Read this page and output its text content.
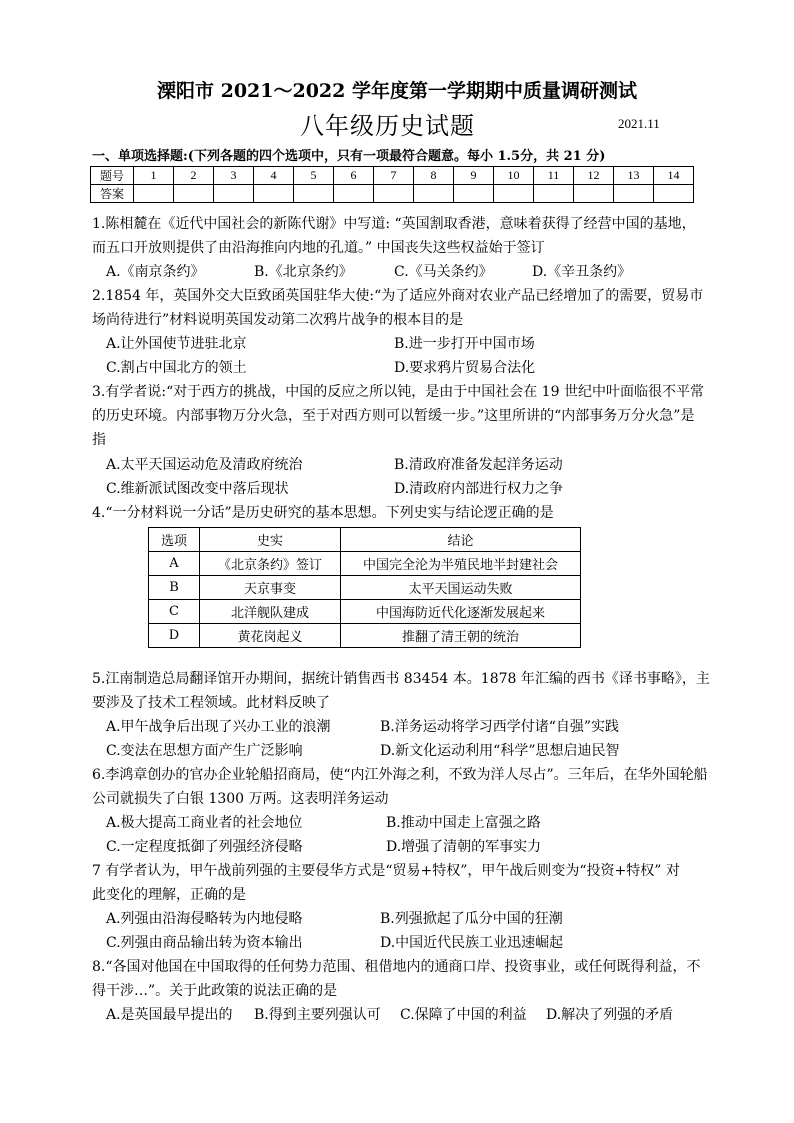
溧阳市 2021～2022 学年度第一学期期中质量调研测试
八年级历史试题	2021.11
一、单项选择题:(下列各题的四个选项中，只有一项最符合题意。每小 1.5分，共 21 分)
题号	1	2	3	4	5	6	7	8	9	10	11	12	13	14
答案														
1.陈相麓在《近代中国社会的新陈代谢》中写道: “英国割取香港，意味着获得了经营中国的基地，
而五口开放则提供了由沿海推向内地的孔道。” 中国丧失这些权益始于签订
A.《南京条约》	B.《北京条约》	C.《马关条约》	D.《辛丑条约》
2.1854 年，英国外交大臣致函英国驻华大使:“为了适应外商对农业产品已经增加了的需要，贸易市
场尚待进行”材料说明英国发动第二次鸦片战争的根本目的是
A.让外国使节进驻北京	B.进一步打开中国市场
C.割占中国北方的领土	D.要求鸦片贸易合法化
3.有学者说:“对于西方的挑战，中国的反应之所以钝，是由于中国社会在 19 世纪中叶面临很不平常
的历史环境。内部事物万分火急，至于对西方则可以暂缓一步。”这里所讲的“内部事务万分火急”是
指
A.太平天国运动危及清政府统治	B.清政府准备发起洋务运动
C.维新派试图改变中落后现状	D.清政府内部进行权力之争
4.“一分材料说一分话”是历史研究的基本思想。下列史实与结论逻正确的是
选项	史实	结论
A	《北京条约》签订	中国完全沦为半殖民地半封建社会
B	天京事变	太平天国运动失败
C	北洋舰队建成	中国海防近代化逐渐发展起来
D	黄花岗起义	推翻了清王朝的统治
5.江南制造总局翻译馆开办期间，据统计销售西书 83454 本。1878 年汇编的西书《译书事略》，主
要涉及了技术工程领域。此材料反映了
A.甲午战争后出现了兴办工业的浪潮	B.洋务运动将学习西学付诸“自强”实践
C.变法在思想方面产生广泛影响	D.新文化运动利用“科学”思想启迪民智
6.李鸿章创办的官办企业轮船招商局，使“内江外海之利，不致为洋人尽占”。三年后，在华外国轮船
公司就损失了白银 1300 万两。这表明洋务运动
A.极大提高工商业者的社会地位	B.推动中国走上富强之路
C.一定程度抵御了列强经济侵略	D.增强了清朝的军事实力
7 有学者认为，甲午战前列强的主要侵华方式是“贸易+特权”，甲午战后则变为“投资+特权” 对
此变化的理解，正确的是
A.列强由沿海侵略转为内地侵略	B.列强掀起了瓜分中国的狂潮
C.列强由商品输出转为资本输出	D.中国近代民族工业迅速崛起
8.“各国对他国在中国取得的任何势力范围、租借地内的通商口岸、投资事业，或任何既得利益，不
得干涉…”。关于此政策的说法正确的是
A.是英国最早提出的 B.得到主要列强认可 C.保障了中国的利益 D.解决了列强的矛盾
